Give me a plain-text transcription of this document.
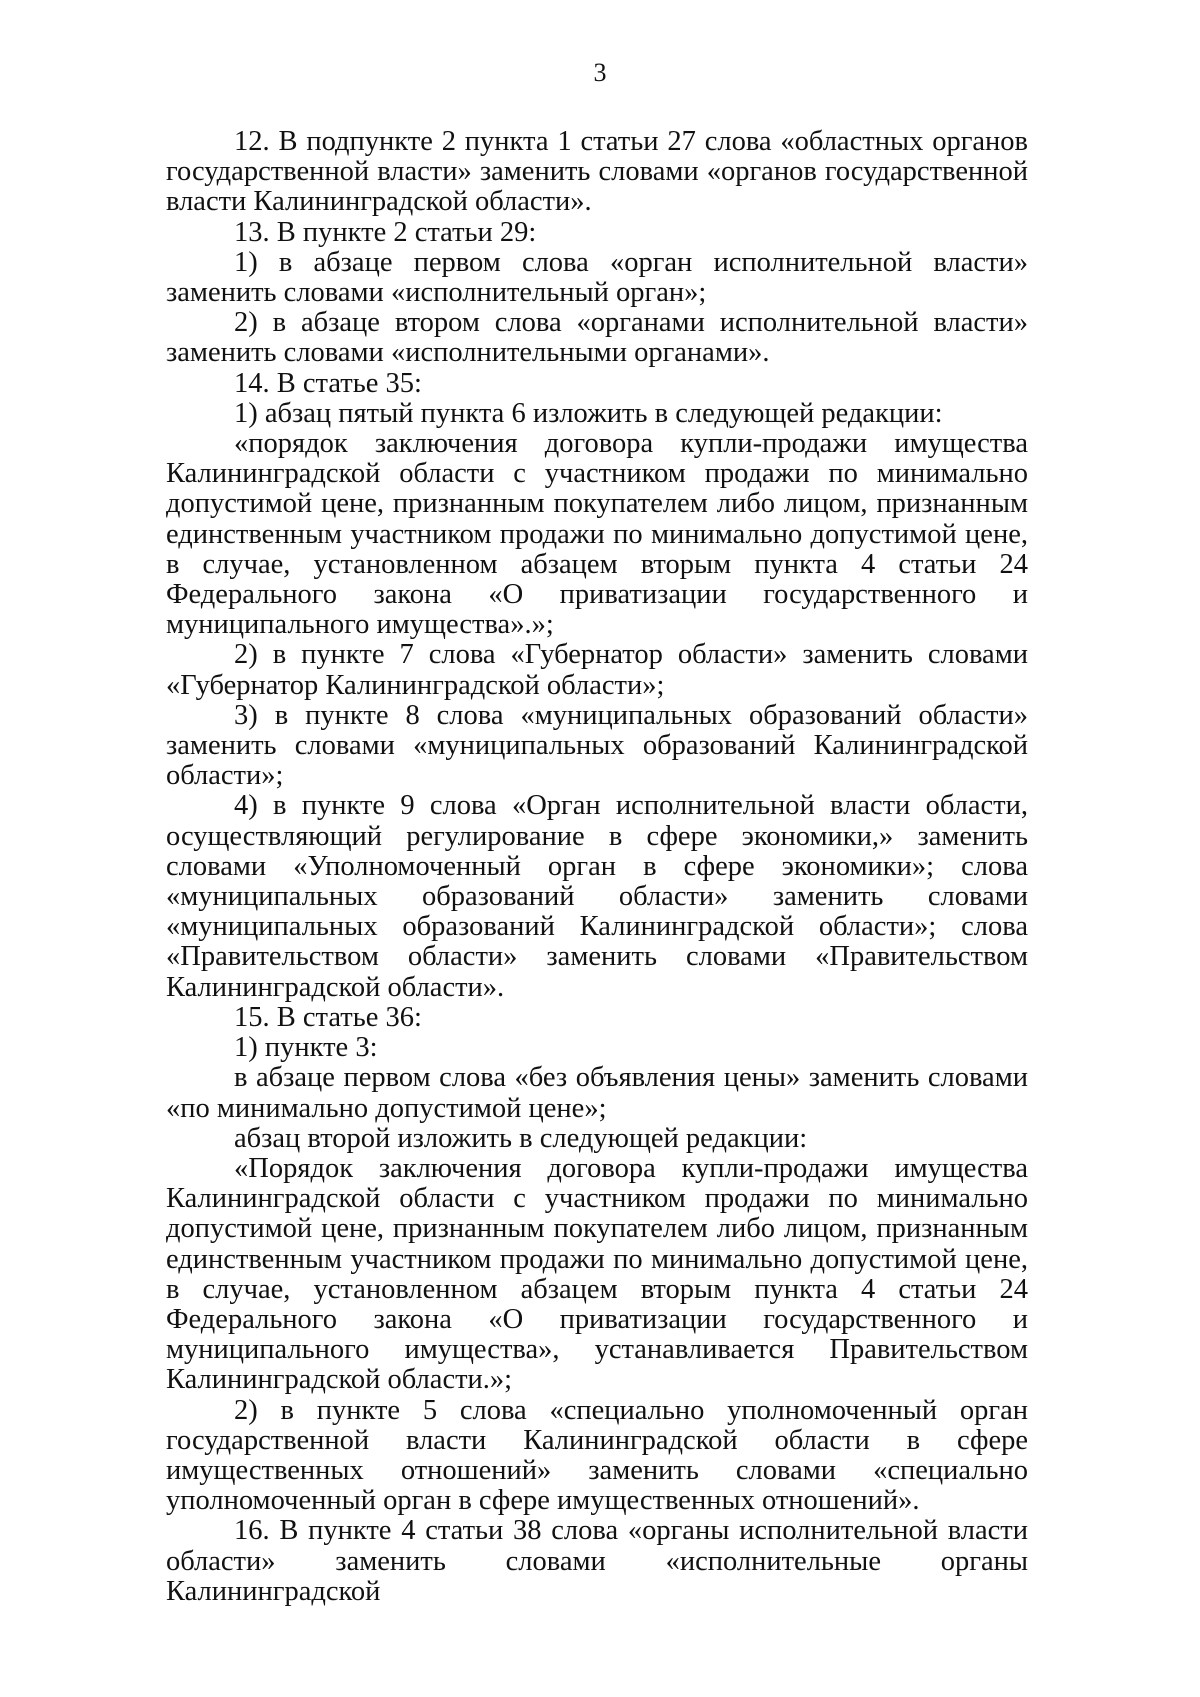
3

12. В подпункте 2 пункта 1 статьи 27 слова «областных органов государственной власти» заменить словами «органов государственной власти Калининградской области».

13. В пункте 2 статьи 29:

1) в абзаце первом слова «орган исполнительной власти» заменить словами «исполнительный орган»;

2) в абзаце втором слова «органами исполнительной власти» заменить словами «исполнительными органами».

14. В статье 35:

1) абзац пятый пункта 6 изложить в следующей редакции:

«порядок заключения договора купли-продажи имущества Калининградской области с участником продажи по минимально допустимой цене, признанным покупателем либо лицом, признанным единственным участником продажи по минимально допустимой цене, в случае, установленном абзацем вторым пункта 4 статьи 24 Федерального закона «О приватизации государственного и муниципального имущества».»;

2) в пункте 7 слова «Губернатор области» заменить словами «Губернатор Калининградской области»;

3) в пункте 8 слова «муниципальных образований области» заменить словами «муниципальных образований Калининградской области»;

4) в пункте 9 слова «Орган исполнительной власти области, осуществляющий регулирование в сфере экономики,» заменить словами «Уполномоченный орган в сфере экономики»; слова «муниципальных образований области» заменить словами «муниципальных образований Калининградской области»; слова «Правительством области» заменить словами «Правительством Калининградской области».

15. В статье 36:

1) пункте 3:

в абзаце первом слова «без объявления цены» заменить словами «по минимально допустимой цене»;

абзац второй изложить в следующей редакции:

«Порядок заключения договора купли-продажи имущества Калининградской области с участником продажи по минимально допустимой цене, признанным покупателем либо лицом, признанным единственным участником продажи по минимально допустимой цене, в случае, установленном абзацем вторым пункта 4 статьи 24 Федерального закона «О приватизации государственного и муниципального имущества», устанавливается Правительством Калининградской области.»;

2) в пункте 5 слова «специально уполномоченный орган государственной власти Калининградской области в сфере имущественных отношений» заменить словами «специально уполномоченный орган в сфере имущественных отношений».

16. В пункте 4 статьи 38 слова «органы исполнительной власти области» заменить словами «исполнительные органы Калининградской
